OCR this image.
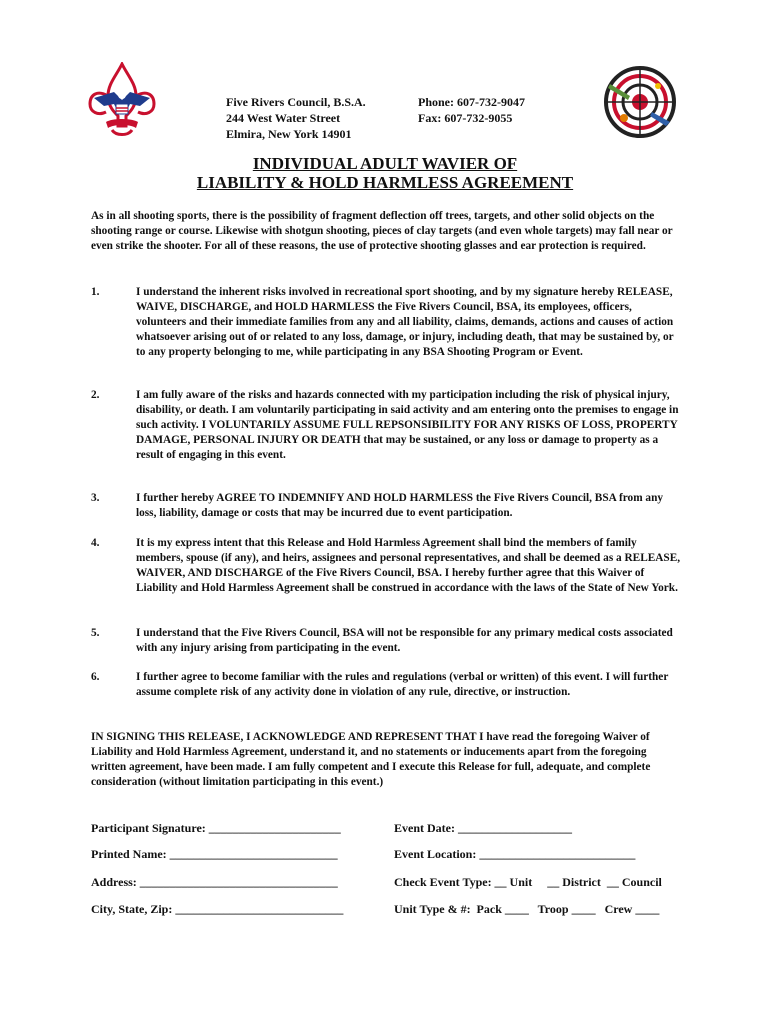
Five Rivers Council, B.S.A.
244 West Water Street
Elmira, New York 14901
Phone: 607-732-9047
Fax: 607-732-9055
INDIVIDUAL ADULT WAVIER OF
LIABILITY & HOLD HARMLESS AGREEMENT
As in all shooting sports, there is the possibility of fragment deflection off trees, targets, and other solid objects on the shooting range or course. Likewise with shotgun shooting, pieces of clay targets (and even whole targets) may fall near or even strike the shooter. For all of these reasons, the use of protective shooting glasses and ear protection is required.
1.	I understand the inherent risks involved in recreational sport shooting, and by my signature hereby RELEASE, WAIVE, DISCHARGE, and HOLD HARMLESS the Five Rivers Council, BSA, its employees, officers, volunteers and their immediate families from any and all liability, claims, demands, actions and causes of action whatsoever arising out of or related to any loss, damage, or injury, including death, that may be sustained by, or to any property belonging to me, while participating in any BSA Shooting Program or Event.
2.	I am fully aware of the risks and hazards connected with my participation including the risk of physical injury, disability, or death. I am voluntarily participating in said activity and am entering onto the premises to engage in such activity. I VOLUNTARILY ASSUME FULL REPSONSIBILITY FOR ANY RISKS OF LOSS, PROPERTY DAMAGE, PERSONAL INJURY OR DEATH that may be sustained, or any loss or damage to property as a result of engaging in this event.
3.	I further hereby AGREE TO INDEMNIFY AND HOLD HARMLESS the Five Rivers Council, BSA from any loss, liability, damage or costs that may be incurred due to event participation.
4.	It is my express intent that this Release and Hold Harmless Agreement shall bind the members of family members, spouse (if any), and heirs, assignees and personal representatives, and shall be deemed as a RELEASE, WAIVER, AND DISCHARGE of the Five Rivers Council, BSA. I hereby further agree that this Waiver of Liability and Hold Harmless Agreement shall be construed in accordance with the laws of the State of New York.
5.	I understand that the Five Rivers Council, BSA will not be responsible for any primary medical costs associated with any injury arising from participating in the event.
6.	I further agree to become familiar with the rules and regulations (verbal or written) of this event. I will further assume complete risk of any activity done in violation of any rule, directive, or instruction.
IN SIGNING THIS RELEASE, I ACKNOWLEDGE AND REPRESENT THAT I have read the foregoing Waiver of Liability and Hold Harmless Agreement, understand it, and no statements or inducements apart from the foregoing written agreement, have been made. I am fully competent and I execute this Release for full, adequate, and complete consideration (without limitation participating in this event.)
Participant Signature: ______________________	Event Date: ___________________
Printed Name: ____________________________	Event Location: __________________________
Address: _________________________________	Check Event Type: __ Unit     __ District  __ Council
City, State, Zip: ____________________________	Unit Type & #:  Pack ____   Troop ____   Crew ____
